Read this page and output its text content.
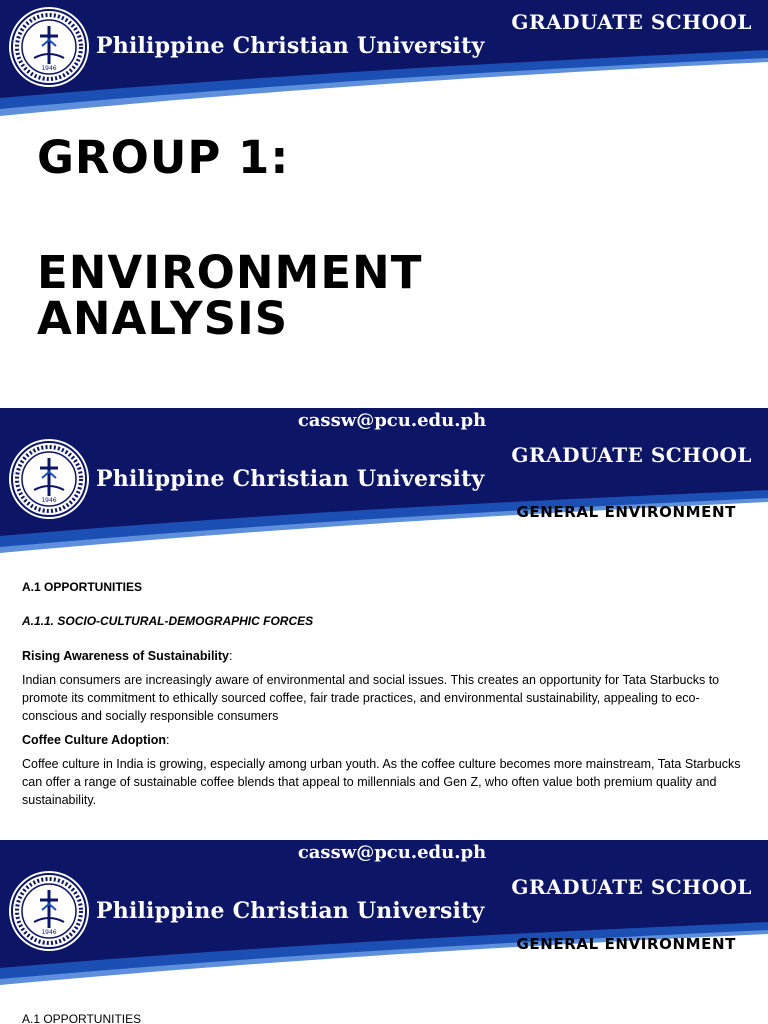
1946
Philippine Christian University
GRADUATE SCHOOL
GROUP 1:
ENVIRONMENT
ANALYSIS
cassw@pcu.edu.ph
1946
Philippine Christian University
GRADUATE SCHOOL
GENERAL ENVIRONMENT

A.1 OPPORTUNITIES

A.1.1. SOCIO-CULTURAL-DEMOGRAPHIC FORCES

Rising Awareness of Sustainability:

Indian consumers are increasingly aware of environmental and social issues. This creates an opportunity for Tata Starbucks to promote its commitment to ethically sourced coffee, fair trade practices, and environmental sustainability, appealing to eco-conscious and socially responsible consumers

Coffee Culture Adoption:

Coffee culture in India is growing, especially among urban youth. As the coffee culture becomes more mainstream, Tata Starbucks can offer a range of sustainable coffee blends that appeal to millennials and Gen Z, who often value both premium quality and sustainability.

cassw@pcu.edu.ph
1946
Philippine Christian University
GRADUATE SCHOOL
GENERAL ENVIRONMENT

A.1 OPPORTUNITIES
